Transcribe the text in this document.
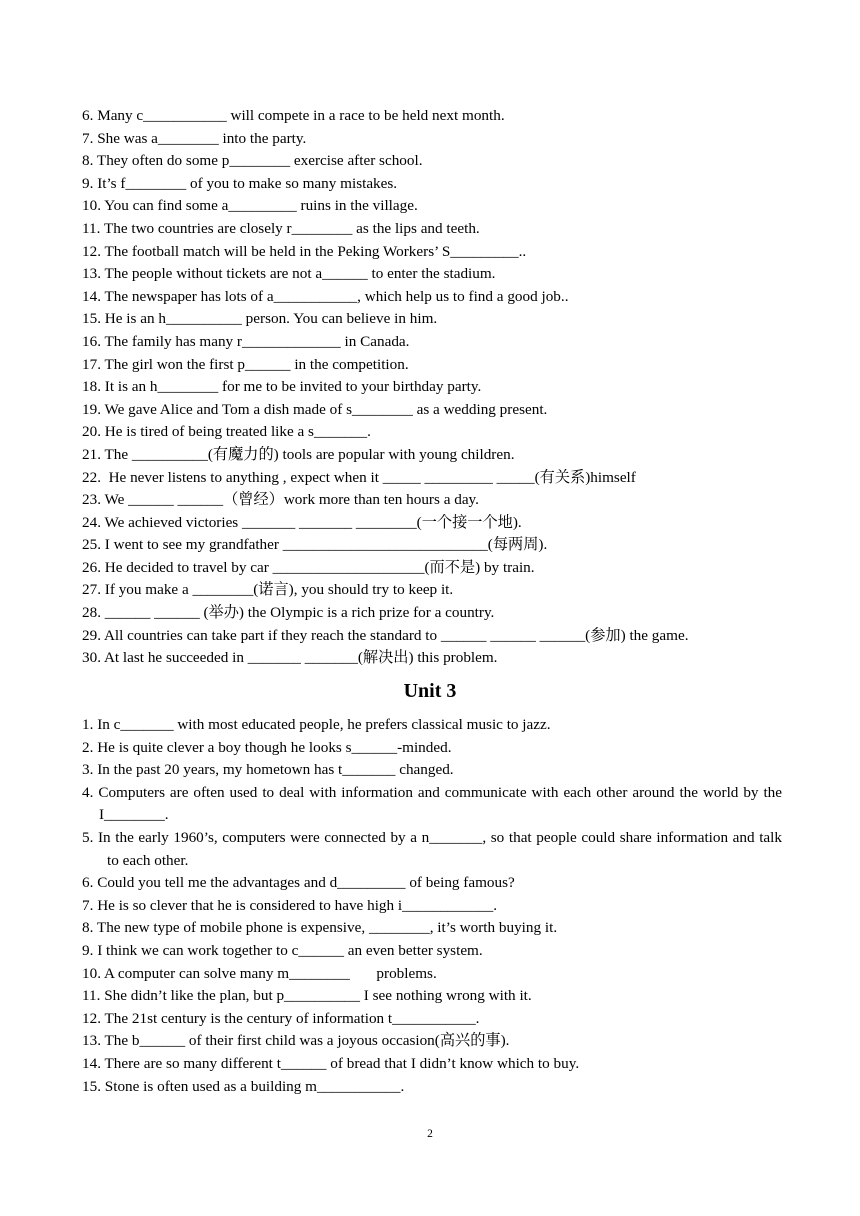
6. Many c___________ will compete in a race to be held next month.

7. She was a________ into the party.

8. They often do some p________ exercise after school.

9. It’s f________ of you to make so many mistakes.

10. You can find some a_________ ruins in the village.

11. The two countries are closely r________ as the lips and teeth.

12. The football match will be held in the Peking Workers’ S_________..

13. The people without tickets are not a______ to enter the stadium.

14. The newspaper has lots of a___________, which help us to find a good job..

15. He is an h__________ person. You can believe in him.

16. The family has many r_____________ in Canada.

17. The girl won the first p______ in the competition.

18. It is an h________ for me to be invited to your birthday party.

19. We gave Alice and Tom a dish made of s________ as a wedding present.

20. He is tired of being treated like a s_______.

21. The __________(有魔力的) tools are popular with young children.

22.  He never listens to anything , expect when it _____ _________ _____(有关系)himself

23. We ______ ______（曾经）work more than ten hours a day.

24. We achieved victories _______ _______ ________(一个接一个地).

25. I went to see my grandfather ___________________________(每两周).

26. He decided to travel by car ____________________(而不是) by train.

27. If you make a ________(诺言), you should try to keep it.

28. ______ ______ (举办) the Olympic is a rich prize for a country.

29. All countries can take part if they reach the standard to ______ ______ ______(参加) the game.

30. At last he succeeded in _______ _______(解决出) this problem.

Unit 3

1. In c_______ with most educated people, he prefers classical music to jazz.

2. He is quite clever a boy though he looks s______-minded.

3. In the past 20 years, my hometown has t_______ changed.

4. Computers are often used to deal with information and communicate with each other around the world by the I________.

5. In the early 1960’s, computers were connected by a n_______, so that people could share information and talk to each other.

6. Could you tell me the advantages and d_________ of being famous?

7. He is so clever that he is considered to have high i____________.

8. The new type of mobile phone is expensive, ________, it’s worth buying it.

9. I think we can work together to c______ an even better system.

10. A computer can solve many m________       problems.

11. She didn’t like the plan, but p__________ I see nothing wrong with it.

12. The 21st century is the century of information t___________.

13. The b______ of their first child was a joyous occasion(高兴的事).

14. There are so many different t______ of bread that I didn’t know which to buy.

15. Stone is often used as a building m___________.

2
